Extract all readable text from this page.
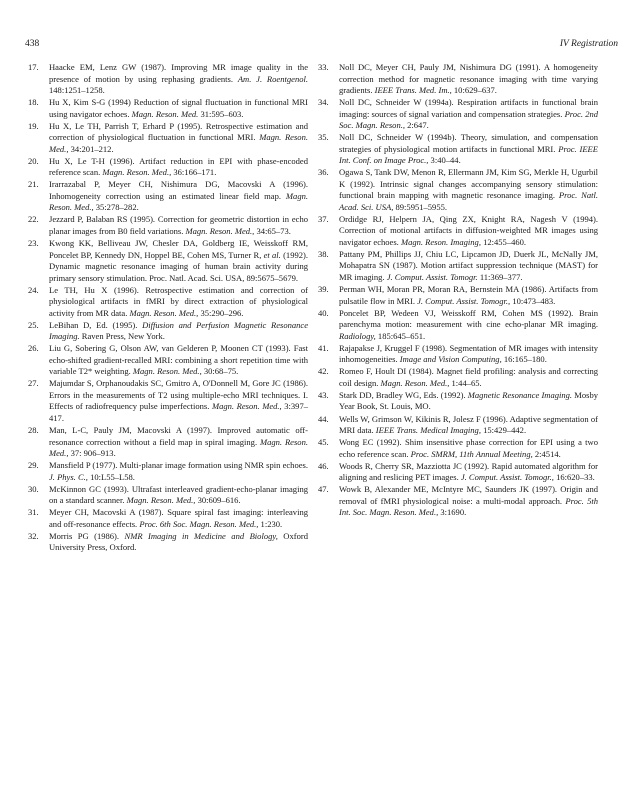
438	IV Registration
17. Haacke EM, Lenz GW (1987). Improving MR image quality in the presence of motion by using rephasing gradients. Am. J. Roentgenol. 148:1251–1258.
18. Hu X, Kim S-G (1994) Reduction of signal fluctuation in functional MRI using navigator echoes. Magn. Reson. Med. 31:595–603.
19. Hu X, Le TH, Parrish T, Erhard P (1995). Retrospective estimation and correction of physiological fluctuation in functional MRI. Magn. Reson. Med., 34:201–212.
20. Hu X, Le T-H (1996). Artifact reduction in EPI with phase-encoded reference scan. Magn. Reson. Med., 36:166–171.
21. Irarrazabal P, Meyer CH, Nishimura DG, Macovski A (1996). Inhomogeneity correction using an estimated linear field map. Magn. Reson. Med., 35:278–282.
22. Jezzard P, Balaban RS (1995). Correction for geometric distortion in echo planar images from B0 field variations. Magn. Reson. Med., 34:65–73.
23. Kwong KK, Belliveau JW, Chesler DA, Goldberg IE, Weisskoff RM, Poncelet BP, Kennedy DN, Hoppel BE, Cohen MS, Turner R, et al. (1992). Dynamic magnetic resonance imaging of human brain activity during primary sensory stimulation. Proc. Natl. Acad. Sci. USA, 89:5675–5679.
24. Le TH, Hu X (1996). Retrospective estimation and correction of physiological artifacts in fMRI by direct extraction of physiological activity from MR data. Magn. Reson. Med., 35:290–296.
25. LeBihan D, Ed. (1995). Diffusion and Perfusion Magnetic Resonance Imaging. Raven Press, New York.
26. Liu G, Sobering G, Olson AW, van Gelderen P, Moonen CT (1993). Fast echo-shifted gradient-recalled MRI: combining a short repetition time with variable T2* weighting. Magn. Reson. Med., 30:68–75.
27. Majumdar S, Orphanoudakis SC, Gmitro A, O'Donnell M, Gore JC (1986). Errors in the measurements of T2 using multiple-echo MRI techniques. I. Effects of radiofrequency pulse imperfections. Magn. Reson. Med., 3:397–417.
28. Man, L-C, Pauly JM, Macovski A (1997). Improved automatic off-resonance correction without a field map in spiral imaging. Magn. Reson. Med., 37: 906–913.
29. Mansfield P (1977). Multi-planar image formation using NMR spin echoes. J. Phys. C., 10:L55–L58.
30. McKinnon GC (1993). Ultrafast interleaved gradient-echo-planar imaging on a standard scanner. Magn. Reson. Med., 30:609–616.
31. Meyer CH, Macovski A (1987). Square spiral fast imaging: interleaving and off-resonance effects. Proc. 6th Soc. Magn. Reson. Med., 1:230.
32. Morris PG (1986). NMR Imaging in Medicine and Biology, Oxford University Press, Oxford.
33. Noll DC, Meyer CH, Pauly JM, Nishimura DG (1991). A homogeneity correction method for magnetic resonance imaging with time varying gradients. IEEE Trans. Med. Im., 10:629–637.
34. Noll DC, Schneider W (1994a). Respiration artifacts in functional brain imaging: sources of signal variation and compensation strategies. Proc. 2nd Soc. Magn. Reson., 2:647.
35. Noll DC, Schneider W (1994b). Theory, simulation, and compensation strategies of physiological motion artifacts in functional MRI. Proc. IEEE Int. Conf. on Image Proc., 3:40–44.
36. Ogawa S, Tank DW, Menon R, Ellermann JM, Kim SG, Merkle H, Ugurbil K (1992). Intrinsic signal changes accompanying sensory stimulation: functional brain mapping with magnetic resonance imaging. Proc. Natl. Acad. Sci. USA, 89:5951–5955.
37. Ordidge RJ, Helpern JA, Qing ZX, Knight RA, Nagesh V (1994). Correction of motional artifacts in diffusion-weighted MR images using navigator echoes. Magn. Reson. Imaging, 12:455–460.
38. Pattany PM, Phillips JJ, Chiu LC, Lipcamon JD, Duerk JL, McNally JM, Mohapatra SN (1987). Motion artifact suppression technique (MAST) for MR imaging. J. Comput. Assist. Tomogr. 11:369–377.
39. Perman WH, Moran PR, Moran RA, Bernstein MA (1986). Artifacts from pulsatile flow in MRI. J. Comput. Assist. Tomogr., 10:473–483.
40. Poncelet BP, Wedeen VJ, Weisskoff RM, Cohen MS (1992). Brain parenchyma motion: measurement with cine echo-planar MR imaging. Radiology, 185:645–651.
41. Rajapakse J, Kruggel F (1998). Segmentation of MR images with intensity inhomogeneities. Image and Vision Computing, 16:165–180.
42. Romeo F, Hoult DI (1984). Magnet field profiling: analysis and correcting coil design. Magn. Reson. Med., 1:44–65.
43. Stark DD, Bradley WG, Eds. (1992). Magnetic Resonance Imaging. Mosby Year Book, St. Louis, MO.
44. Wells W, Grimson W, Kikinis R, Jolesz F (1996). Adaptive segmentation of MRI data. IEEE Trans. Medical Imaging, 15:429–442.
45. Wong EC (1992). Shim insensitive phase correction for EPI using a two echo reference scan. Proc. SMRM, 11th Annual Meeting, 2:4514.
46. Woods R, Cherry SR, Mazziotta JC (1992). Rapid automated algorithm for aligning and reslicing PET images. J. Comput. Assist. Tomogr., 16:620–33.
47. Wowk B, Alexander ME, McIntyre MC, Saunders JK (1997). Origin and removal of fMRI physiological noise: a multi-modal approach. Proc. 5th Int. Soc. Magn. Reson. Med., 3:1690.
